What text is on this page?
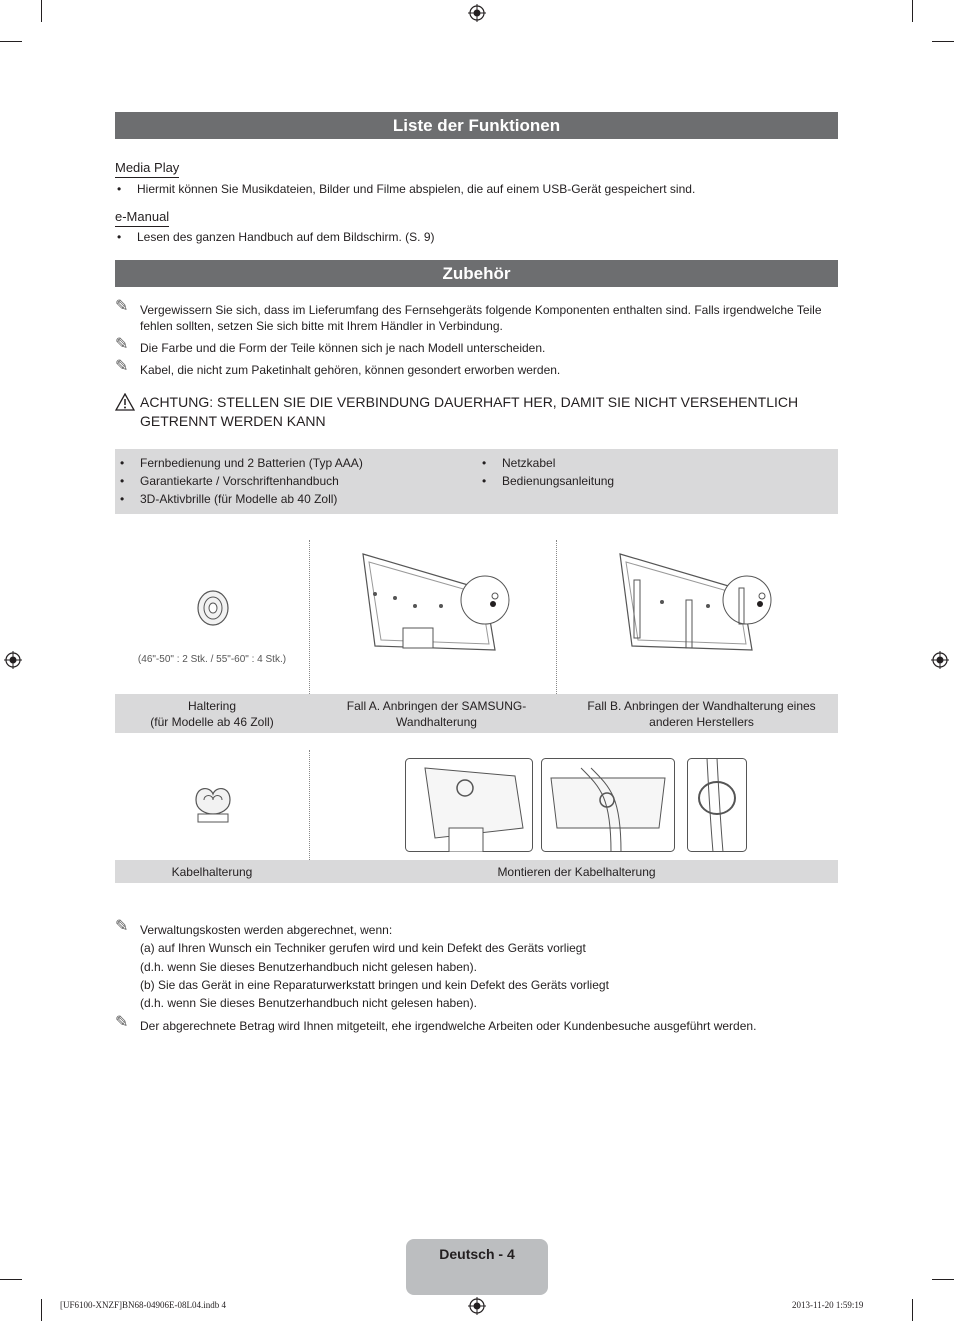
Liste der Funktionen
Media Play
• Hiermit können Sie Musikdateien, Bilder und Filme abspielen, die auf einem USB-Gerät gespeichert sind.
e-Manual
• Lesen des ganzen Handbuch auf dem Bildschirm. (S. 9)
Zubehör
✎ Vergewissern Sie sich, dass im Lieferumfang des Fernsehgeräts folgende Komponenten enthalten sind. Falls irgendwelche Teile fehlen sollten, setzen Sie sich bitte mit Ihrem Händler in Verbindung.
✎ Die Farbe und die Form der Teile können sich je nach Modell unterscheiden.
✎ Kabel, die nicht zum Paketinhalt gehören, können gesondert erworben werden.
ACHTUNG: STELLEN SIE DIE VERBINDUNG DAUERHAFT HER, DAMIT SIE NICHT VERSEHENTLICH GETRENNT WERDEN KANN
• Fernbedienung und 2 Batterien (Typ AAA)
• Garantiekarte / Vorschriftenhandbuch
• 3D-Aktivbrille (für Modelle ab 40 Zoll)
• Netzkabel
• Bedienungsanleitung
(46"-50" : 2 Stk. / 55"-60" : 4 Stk.)
Haltering
(für Modelle ab 46 Zoll)
Fall A. Anbringen der SAMSUNG-
Wandhalterung
Fall B. Anbringen der Wandhalterung eines
anderen Herstellers
Kabelhalterung	Montieren der Kabelhalterung
✎ Verwaltungskosten werden abgerechnet, wenn:
(a) auf Ihren Wunsch ein Techniker gerufen wird und kein Defekt des Geräts vorliegt
(d.h. wenn Sie dieses Benutzerhandbuch nicht gelesen haben).
(b) Sie das Gerät in eine Reparaturwerkstatt bringen und kein Defekt des Geräts vorliegt
(d.h. wenn Sie dieses Benutzerhandbuch nicht gelesen haben).
✎ Der abgerechnete Betrag wird Ihnen mitgeteilt, ehe irgendwelche Arbeiten oder Kundenbesuche ausgeführt werden.
Deutsch - 4
[UF6100-XNZF]BN68-04906E-08L04.indb 4	2013-11-20 1:59:19
